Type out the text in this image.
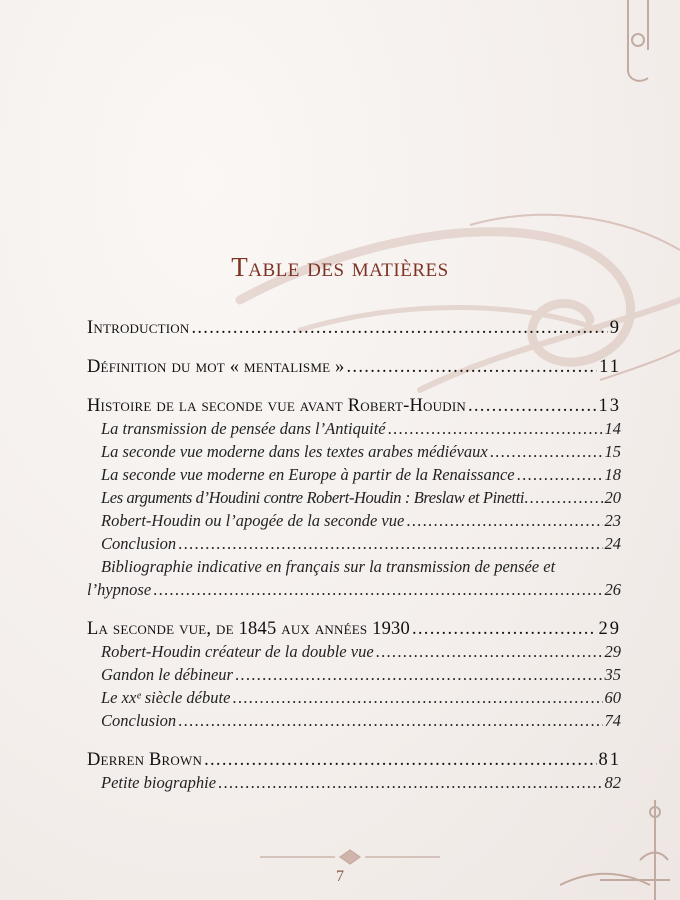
Table des matières
Introduction .....	9
Définition du mot « mentalisme » .....	11
Histoire de la seconde vue avant Robert-Houdin .....	13
La transmission de pensée dans l’Antiquité .....	14
La seconde vue moderne dans les textes arabes médiévaux .....	15
La seconde vue moderne en Europe à partir de la Renaissance .....	18
Les arguments d’Houdini contre Robert-Houdin : Breslaw et Pinetti .....	20
Robert-Houdin ou l’apogée de la seconde vue .....	23
Conclusion .....	24
Bibliographie indicative en français sur la transmission de pensée et
l’hypnose .....	26
La seconde vue, de 1845 aux années 1930 .....	29
Robert-Houdin créateur de la double vue .....	29
Gandon le débineur .....	35
Le xxᵉ siècle débute .....	60
Conclusion .....	74
Derren Brown .....	81
Petite biographie .....	82
7
